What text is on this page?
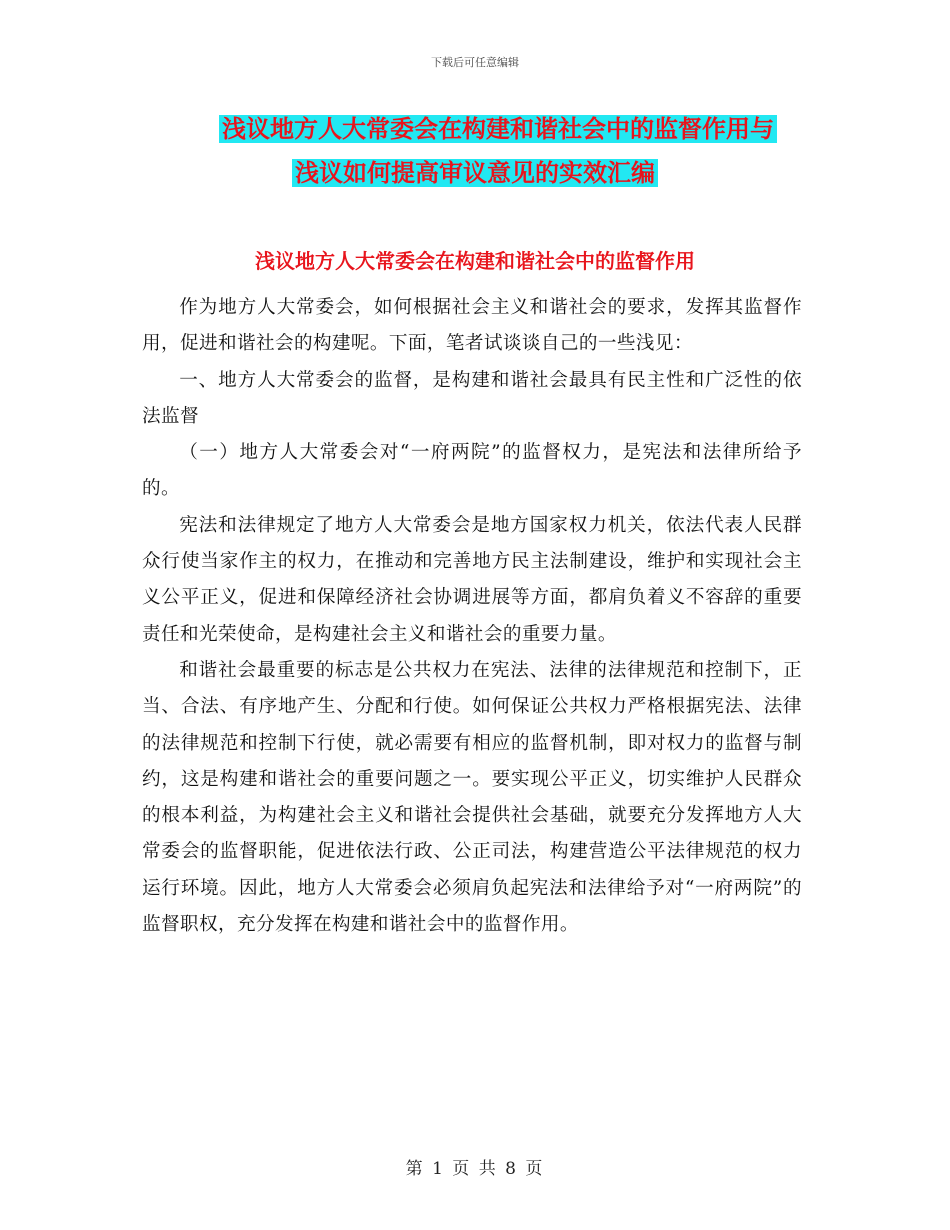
下载后可任意编辑
浅议地方人大常委会在构建和谐社会中的监督作用与
浅议如何提高审议意见的实效汇编
浅议地方人大常委会在构建和谐社会中的监督作用

作为地方人大常委会，如何根据社会主义和谐社会的要求，发挥其监督作用，促进和谐社会的构建呢。下面，笔者试谈谈自己的一些浅见：

一、地方人大常委会的监督，是构建和谐社会最具有民主性和广泛性的依法监督

（一）地方人大常委会对“一府两院”的监督权力，是宪法和法律所给予的。

宪法和法律规定了地方人大常委会是地方国家权力机关，依法代表人民群众行使当家作主的权力，在推动和完善地方民主法制建设，维护和实现社会主义公平正义，促进和保障经济社会协调进展等方面，都肩负着义不容辞的重要责任和光荣使命，是构建社会主义和谐社会的重要力量。

和谐社会最重要的标志是公共权力在宪法、法律的法律规范和控制下，正当、合法、有序地产生、分配和行使。如何保证公共权力严格根据宪法、法律的法律规范和控制下行使，就必需要有相应的监督机制，即对权力的监督与制约，这是构建和谐社会的重要问题之一。要实现公平正义，切实维护人民群众的根本利益，为构建社会主义和谐社会提供社会基础，就要充分发挥地方人大常委会的监督职能，促进依法行政、公正司法，构建营造公平法律规范的权力运行环境。因此，地方人大常委会必须肩负起宪法和法律给予对“一府两院”的监督职权，充分发挥在构建和谐社会中的监督作用。

第 1 页 共 8 页
